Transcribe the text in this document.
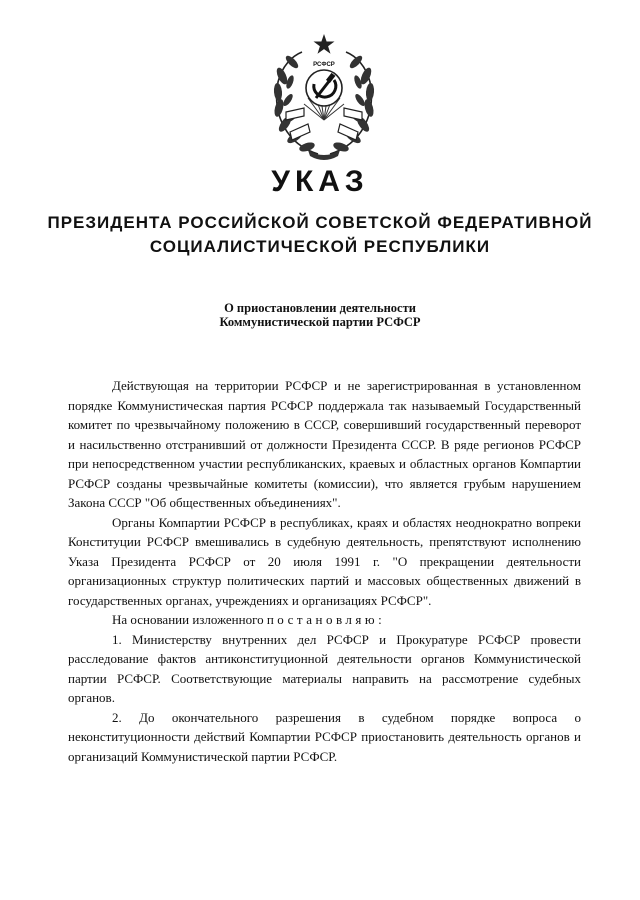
РСФСР
УКАЗ
ПРЕЗИДЕНТА РОССИЙСКОЙ СОВЕТСКОЙ ФЕДЕРАТИВНОЙ
СОЦИАЛИСТИЧЕСКОЙ РЕСПУБЛИКИ
О приостановлении деятельности
Коммунистической партии РСФСР

Действующая на территории РСФСР и не зарегистрированная в установленном порядке Коммунистическая партия РСФСР поддержала так называемый Государственный комитет по чрезвычайному положению в СССР, совершивший государственный переворот и насильственно отстранивший от должности Президента СССР. В ряде регионов РСФСР при непосредственном участии республиканских, краевых и областных органов Компартии РСФСР созданы чрезвычайные комитеты (комиссии), что является грубым нарушением Закона СССР "Об общественных объединениях".

Органы Компартии РСФСР в республиках, краях и областях неоднократно вопреки Конституции РСФСР вмешивались в судебную деятельность, препятствуют исполнению Указа Президента РСФСР от 20 июля 1991 г. "О прекращении деятельности организационных структур политических партий и массовых общественных движений в государственных органах, учреждениях и организациях РСФСР".

На основании изложенного постановляю:

1. Министерству внутренних дел РСФСР и Прокуратуре РСФСР провести расследование фактов антиконституционной деятельности органов Коммунистической партии РСФСР. Соответствующие материалы направить на рассмотрение судебных органов.

2. До окончательного разрешения в судебном порядке вопроса о неконституционности действий Компартии РСФСР приостановить деятельность органов и организаций Коммунистической партии РСФСР.
